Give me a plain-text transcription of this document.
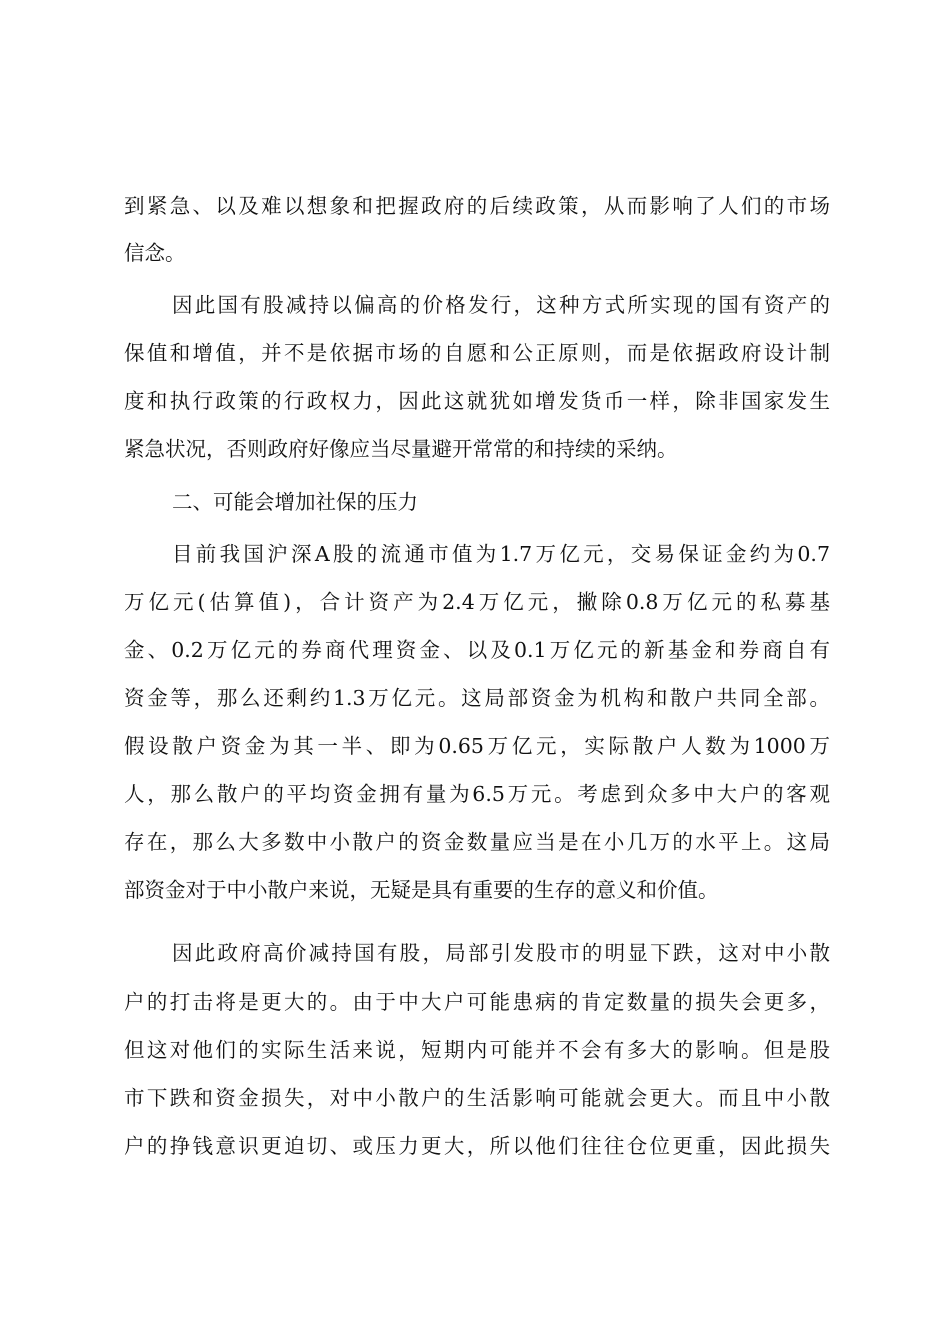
到紧急、以及难以想象和把握政府的后续政策，从而影响了人们的市场
信念。
因此国有股减持以偏高的价格发行，这种方式所实现的国有资产的
保值和增值，并不是依据市场的自愿和公正原则，而是依据政府设计制
度和执行政策的行政权力，因此这就犹如增发货币一样，除非国家发生
紧急状况，否则政府好像应当尽量避开常常的和持续的采纳。
二、可能会增加社保的压力
目前我国沪深A股的流通市值为1.7万亿元，交易保证金约为0.7
万亿元(估算值)，合计资产为2.4万亿元，撇除0.8万亿元的私募基
金、0.2万亿元的券商代理资金、以及0.1万亿元的新基金和券商自有
资金等，那么还剩约1.3万亿元。这局部资金为机构和散户共同全部。
假设散户资金为其一半、即为0.65万亿元，实际散户人数为1000万
人，那么散户的平均资金拥有量为6.5万元。考虑到众多中大户的客观
存在，那么大多数中小散户的资金数量应当是在小几万的水平上。这局
部资金对于中小散户来说，无疑是具有重要的生存的意义和价值。
因此政府高价减持国有股，局部引发股市的明显下跌，这对中小散
户的打击将是更大的。由于中大户可能患病的肯定数量的损失会更多，
但这对他们的实际生活来说，短期内可能并不会有多大的影响。但是股
市下跌和资金损失，对中小散户的生活影响可能就会更大。而且中小散
户的挣钱意识更迫切、或压力更大，所以他们往往仓位更重，因此损失
